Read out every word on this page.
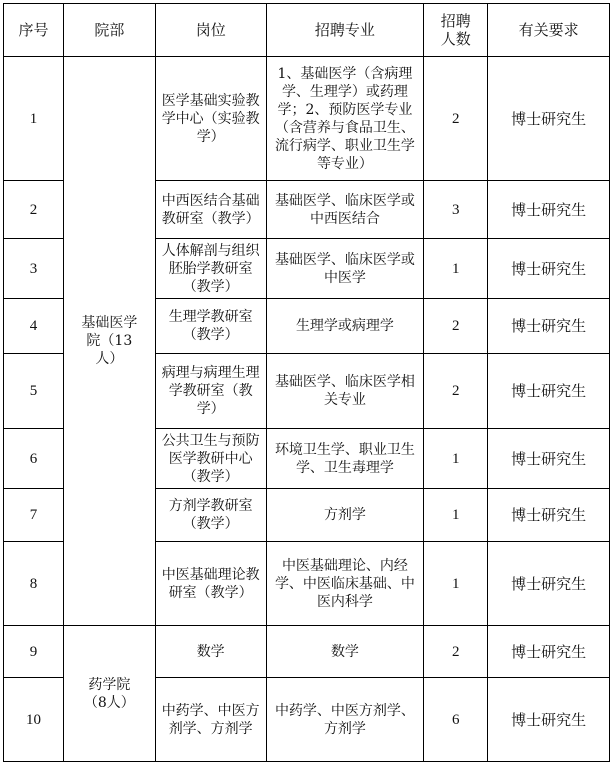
序号	院部	岗位	招聘专业	招聘人数	有关要求
1	基础医学院（13人）	医学基础实验教学中心（实验教学）	1、基础医学（含病理学、生理学）或药理学；2、预防医学专业（含营养与食品卫生、流行病学、职业卫生学等专业）	2	博士研究生
2		中西医结合基础教研室（教学）	基础医学、临床医学或中西医结合	3	博士研究生
3		人体解剖与组织胚胎学教研室（教学）	基础医学、临床医学或中医学	1	博士研究生
4		生理学教研室（教学）	生理学或病理学	2	博士研究生
5		病理与病理生理学教研室（教学）	基础医学、临床医学相关专业	2	博士研究生
6		公共卫生与预防医学教研中心（教学）	环境卫生学、职业卫生学、卫生毒理学	1	博士研究生
7		方剂学教研室（教学）	方剂学	1	博士研究生
8		中医基础理论教研室（教学）	中医基础理论、内经学、中医临床基础、中医内科学	1	博士研究生
9	药学院（8人）	数学	数学	2	博士研究生
10		中药学、中医方剂学、方剂学	中药学、中医方剂学、方剂学	6	博士研究生
